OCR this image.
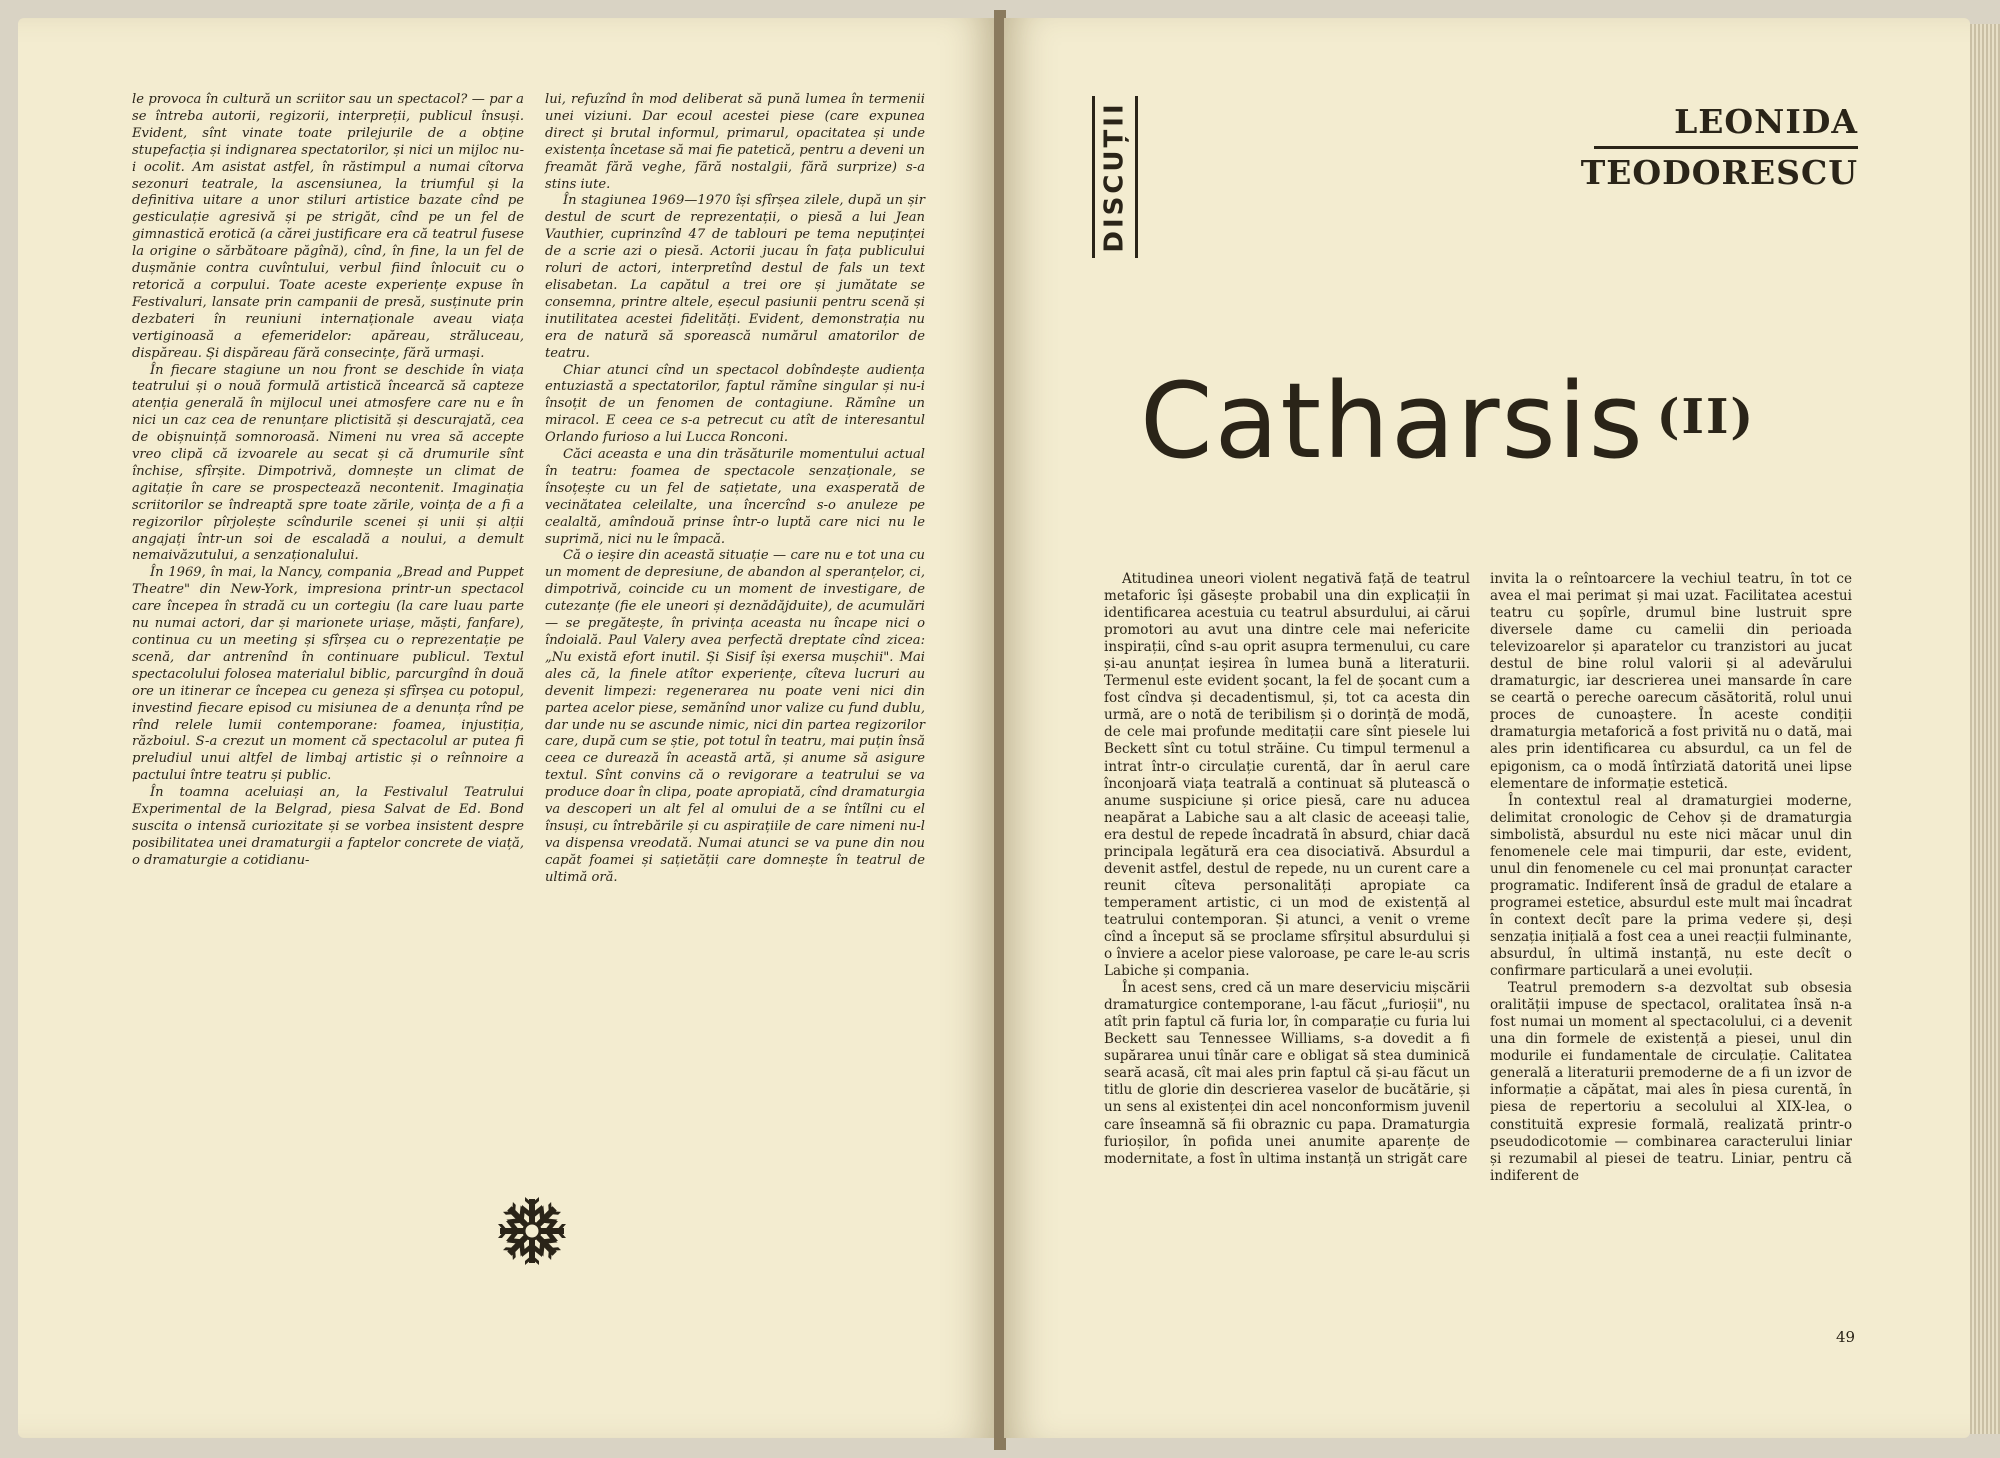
le provoca în cultură un scriitor sau un spectacol? — par a se întreba autorii, regizorii, interpreții, publicul însuși. Evident, sînt vinate toate prilejurile de a obține stupefacția și indignarea spectatorilor, și nici un mijloc nu-i ocolit. Am asistat astfel, în răstimpul a numai cîtorva sezonuri teatrale, la ascensiunea, la triumful și la definitiva uitare a unor stiluri artistice bazate cînd pe gesticulație agresivă și pe strigăt, cînd pe un fel de gimnastică erotică (a cărei justificare era că teatrul fusese la origine o sărbătoare păgînă), cînd, în fine, la un fel de dușmănie contra cuvîntului, verbul fiind înlocuit cu o retorică a corpului. Toate aceste experiențe expuse în Festivaluri, lansate prin campanii de presă, susținute prin dezbateri în reuniuni internaționale aveau viața vertiginoasă a efemeridelor: apăreau, străluceau, dispăreau. Și dispăreau fără consecințe, fără urmași.

În fiecare stagiune un nou front se deschide în viața teatrului și o nouă formulă artistică încearcă să capteze atenția generală în mijlocul unei atmosfere care nu e în nici un caz cea de renunțare plictisită și descurajată, cea de obișnuință somnoroasă. Nimeni nu vrea să accepte vreo clipă că izvoarele au secat și că drumurile sînt închise, sfîrșite. Dimpotrivă, domnește un climat de agitație în care se prospectează necontenit. Imaginația scriitorilor se îndreaptă spre toate zările, voința de a fi a regizorilor pîrjolește scîndurile scenei și unii și alții angajați într-un soi de escaladă a noului, a demult nemaivăzutului, a senzaționalului.

În 1969, în mai, la Nancy, compania „Bread and Puppet Theatre" din New-York, impresiona printr-un spectacol care începea în stradă cu un cortegiu (la care luau parte nu numai actori, dar și marionete uriașe, măști, fanfare), continua cu un meeting și sfîrșea cu o reprezentație pe scenă, dar antrenînd în continuare publicul. Textul spectacolului folosea materialul biblic, parcurgînd în două ore un itinerar ce începea cu geneza și sfîrșea cu potopul, investind fiecare episod cu misiunea de a denunța rînd pe rînd relele lumii contemporane: foamea, injustiția, războiul. S-a crezut un moment că spectacolul ar putea fi preludiul unui altfel de limbaj artistic și o reînnoire a pactului între teatru și public.

În toamna aceluiași an, la Festivalul Teatrului Experimental de la Belgrad, piesa Salvat de Ed. Bond suscita o intensă curiozitate și se vorbea insistent despre posibilitatea unei dramaturgii a faptelor concrete de viață, o dramaturgie a cotidianu-

lui, refuzînd în mod deliberat să pună lumea în termenii unei viziuni. Dar ecoul acestei piese (care expunea direct și brutal informul, primarul, opacitatea și unde existența încetase să mai fie patetică, pentru a deveni un freamăt fără veghe, fără nostalgii, fără surprize) s-a stins iute.

În stagiunea 1969—1970 își sfîrșea zilele, după un șir destul de scurt de reprezentații, o piesă a lui Jean Vauthier, cuprinzînd 47 de tablouri pe tema nepuținței de a scrie azi o piesă. Actorii jucau în fața publicului roluri de actori, interpretînd destul de fals un text elisabetan. La capătul a trei ore și jumătate se consemna, printre altele, eșecul pasiunii pentru scenă și inutilitatea acestei fidelități. Evident, demonstrația nu era de natură să sporească numărul amatorilor de teatru.

Chiar atunci cînd un spectacol dobîndește audiența entuziastă a spectatorilor, faptul rămîne singular și nu-i însoțit de un fenomen de contagiune. Rămîne un miracol. E ceea ce s-a petrecut cu atît de interesantul Orlando furioso a lui Lucca Ronconi.

Căci aceasta e una din trăsăturile momentului actual în teatru: foamea de spectacole senzaționale, se însoțește cu un fel de sațietate, una exasperată de vecinătatea celeilalte, una încercînd s-o anuleze pe cealaltă, amîndouă prinse într-o luptă care nici nu le suprimă, nici nu le împacă.

Că o ieșire din această situație — care nu e tot una cu un moment de depresiune, de abandon al speranțelor, ci, dimpotrivă, coincide cu un moment de investigare, de cutezanțe (fie ele uneori și deznădăjduite), de acumulări — se pregătește, în privința aceasta nu încape nici o îndoială. Paul Valery avea perfectă dreptate cînd zicea: „Nu există efort inutil. Și Sisif își exersa mușchii". Mai ales că, la finele atîtor experiențe, cîteva lucruri au devenit limpezi: regenerarea nu poate veni nici din partea acelor piese, semănînd unor valize cu fund dublu, dar unde nu se ascunde nimic, nici din partea regizorilor care, după cum se știe, pot totul în teatru, mai puțin însă ceea ce durează în această artă, și anume să asigure textul. Sînt convins că o revigorare a teatrului se va produce doar în clipa, poate apropiată, cînd dramaturgia va descoperi un alt fel al omului de a se întîlni cu el însuși, cu întrebările și cu aspirațiile de care nimeni nu-l va dispensa vreodată. Numai atunci se va pune din nou capăt foamei și sațietății care domnește în teatrul de ultimă oră.

DISCUȚII	LEONIDA
TEODORESCU
Catharsis $^{(II)}$

Atitudinea uneori violent negativă față de teatrul metaforic își găsește probabil una din explicații în identificarea acestuia cu teatrul absurdului, ai cărui promotori au avut una dintre cele mai nefericite inspirații, cînd s-au oprit asupra termenului, cu care și-au anunțat ieșirea în lumea bună a literaturii. Termenul este evident șocant, la fel de șocant cum a fost cîndva și decadentismul, și, tot ca acesta din urmă, are o notă de teribilism și o dorință de modă, de cele mai profunde meditații care sînt piesele lui Beckett sînt cu totul străine. Cu timpul termenul a intrat într-o circulație curentă, dar în aerul care înconjoară viața teatrală a continuat să plutească o anume suspiciune și orice piesă, care nu aducea neapărat a Labiche sau a alt clasic de aceeași talie, era destul de repede încadrată în absurd, chiar dacă principala legătură era cea disociativă. Absurdul a devenit astfel, destul de repede, nu un curent care a reunit cîteva personalități apropiate ca temperament artistic, ci un mod de existență al teatrului contemporan. Și atunci, a venit o vreme cînd a început să se proclame sfîrșitul absurdului și o înviere a acelor piese valoroase, pe care le-au scris Labiche și compania.

În acest sens, cred că un mare deserviciu mișcării dramaturgice contemporane, l-au făcut „furioșii", nu atît prin faptul că furia lor, în comparație cu furia lui Beckett sau Tennessee Williams, s-a dovedit a fi supărarea unui tînăr care e obligat să stea duminică seară acasă, cît mai ales prin faptul că și-au făcut un titlu de glorie din descrierea vaselor de bucătărie, și un sens al existenței din acel nonconformism juvenil care înseamnă să fii obraznic cu papa. Dramaturgia furioșilor, în pofida unei anumite aparențe de modernitate, a fost în ultima instanță un strigăt care

invita la o reîntoarcere la vechiul teatru, în tot ce avea el mai perimat și mai uzat. Facilitatea acestui teatru cu șopîrle, drumul bine lustruit spre diversele dame cu camelii din perioada televizoarelor și aparatelor cu tranzistori au jucat destul de bine rolul valorii și al adevărului dramaturgic, iar descrierea unei mansarde în care se ceartă o pereche oarecum căsătorită, rolul unui proces de cunoaștere. În aceste condiții dramaturgia metaforică a fost privită nu o dată, mai ales prin identificarea cu absurdul, ca un fel de epigonism, ca o modă întîrziată datorită unei lipse elementare de informație estetică.

În contextul real al dramaturgiei moderne, delimitat cronologic de Cehov și de dramaturgia simbolistă, absurdul nu este nici măcar unul din fenomenele cele mai timpurii, dar este, evident, unul din fenomenele cu cel mai pronunțat caracter programatic. Indiferent însă de gradul de etalare a programei estetice, absurdul este mult mai încadrat în context decît pare la prima vedere și, deși senzația inițială a fost cea a unei reacții fulminante, absurdul, în ultimă instanță, nu este decît o confirmare particulară a unei evoluții.

Teatrul premodern s-a dezvoltat sub obsesia oralității impuse de spectacol, oralitatea însă n-a fost numai un moment al spectacolului, ci a devenit una din formele de existență a piesei, unul din modurile ei fundamentale de circulație. Calitatea generală a literaturii premoderne de a fi un izvor de informație a căpătat, mai ales în piesa curentă, în piesa de repertoriu a secolului al XIX-lea, o constituită expresie formală, realizată printr-o pseudodicotomie — combinarea caracterului liniar și rezumabil al piesei de teatru. Liniar, pentru că indiferent de

49
